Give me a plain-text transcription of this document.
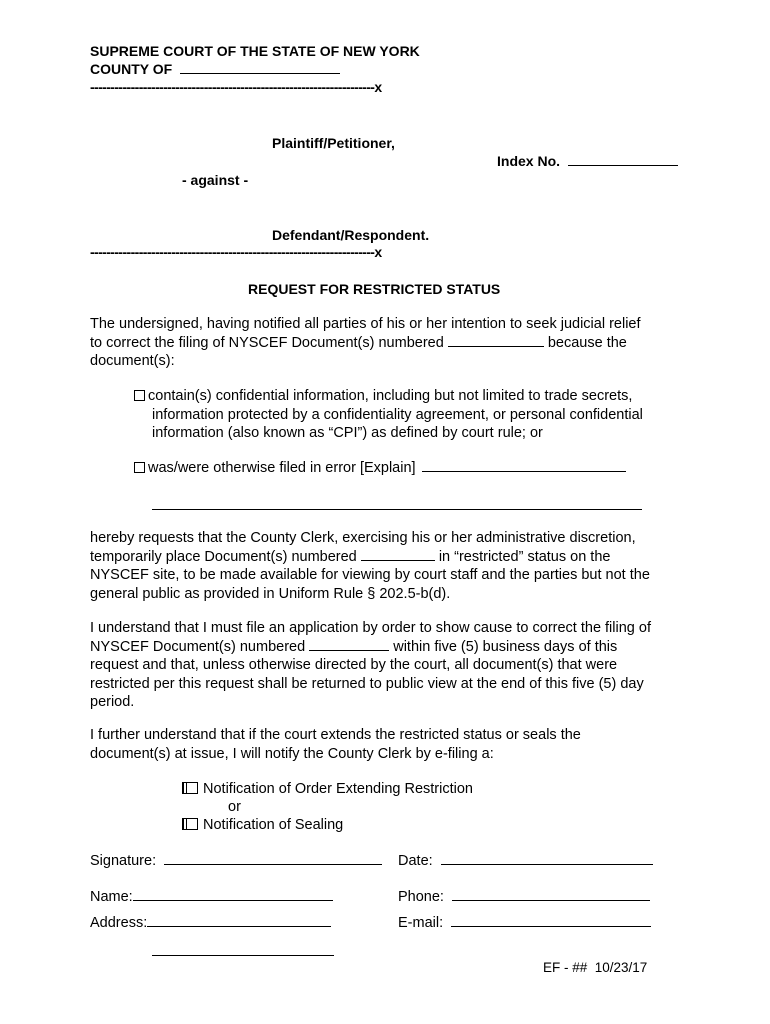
SUPREME COURT OF THE STATE OF NEW YORK
COUNTY OF
----------------------------------------------------------------------x
Plaintiff/Petitioner,
Index No.
- against -
Defendant/Respondent.
----------------------------------------------------------------------x
REQUEST FOR RESTRICTED STATUS
The undersigned, having notified all parties of his or her intention to seek judicial relief
to correct the filing of NYSCEF Document(s) numbered	because the
document(s):
contain(s) confidential information, including but not limited to trade secrets,
information protected by a confidentiality agreement, or personal confidential
information (also known as “CPI”) as defined by court rule; or
was/were otherwise filed in error [Explain]
hereby requests that the County Clerk, exercising his or her administrative discretion,
temporarily place Document(s) numbered	in “restricted” status on the
NYSCEF site, to be made available for viewing by court staff and the parties but not the
general public as provided in Uniform Rule § 202.5-b(d).
I understand that I must file an application by order to show cause to correct the filing of
NYSCEF Document(s) numbered	within five (5) business days of this
request and that, unless otherwise directed by the court, all document(s) that were
restricted per this request shall be returned to public view at the end of this five (5) day
period.
I further understand that if the court extends the restricted status or seals the
document(s) at issue, I will notify the County Clerk by e-filing a:
Notification of Order Extending Restriction
or
Notification of Sealing
Signature:	Date:
Name:	Phone:
Address:	E-mail:
EF - ##  10/23/17
